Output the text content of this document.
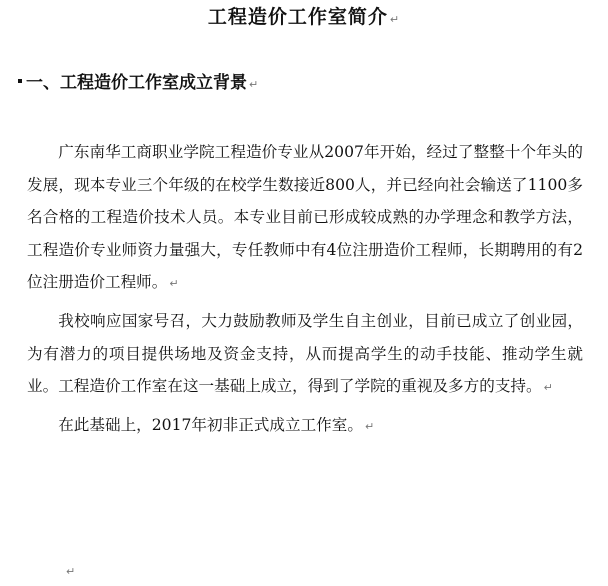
工程造价工作室简介 ↵
一、工程造价工作室成立背景 ↵

广东南华工商职业学院工程造价专业从2007年开始，经过了整整十个年头的发展，现本专业三个年级的在校学生数接近800人，并已经向社会输送了1100多名合格的工程造价技术人员。本专业目前已形成较成熟的办学理念和教学方法，工程造价专业师资力量强大，专任教师中有4位注册造价工程师，长期聘用的有2位注册造价工程师。 ↵

我校响应国家号召，大力鼓励教师及学生自主创业，目前已成立了创业园，为有潜力的项目提供场地及资金支持，从而提高学生的动手技能、推动学生就业。工程造价工作室在这一基础上成立，得到了学院的重视及多方的支持。 ↵

在此基础上，2017年初非正式成立工作室。 ↵

↵
